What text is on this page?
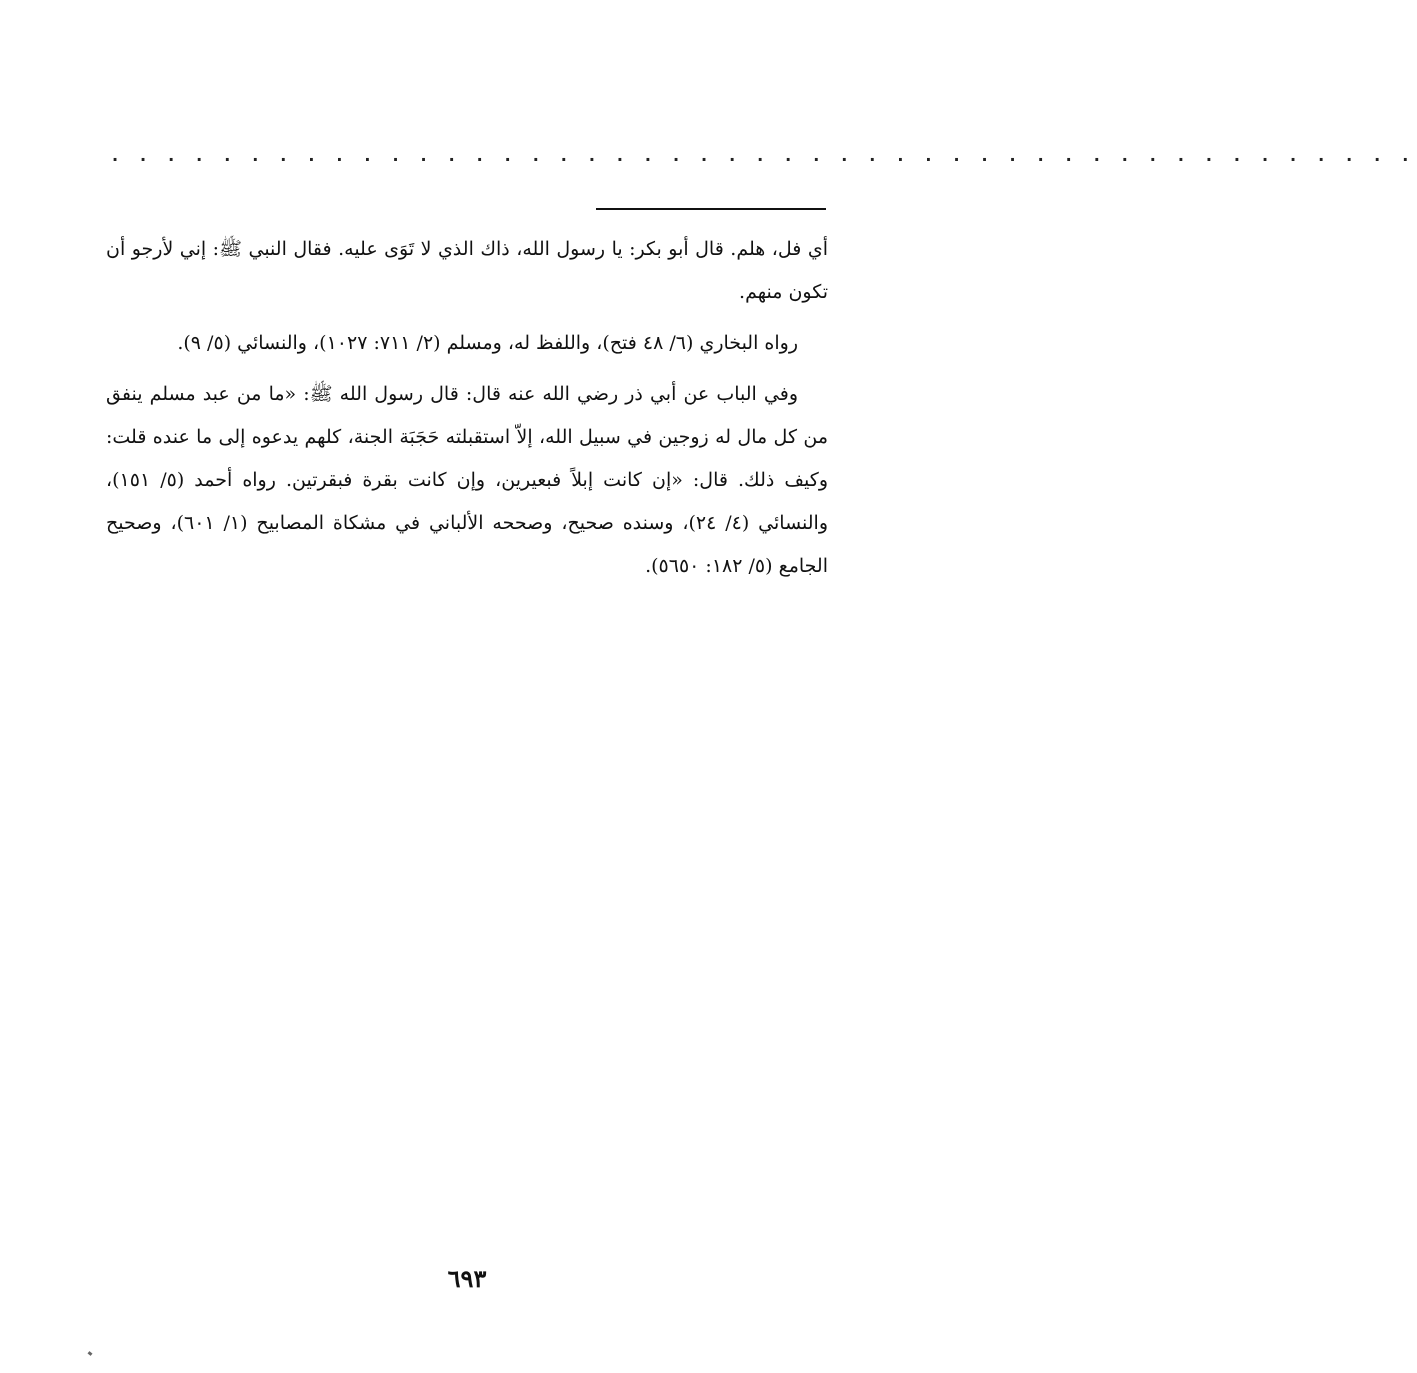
. . . . . . . . . . . . . . . . . . . . . . . . . . . . . . . . . . . . . . . . . . . . . . .

أي فل، هلم. قال أبو بكر: يا رسول الله، ذاك الذي لا تَوَى عليه. فقال النبي ﷺ: إني لأرجو أن تكون منهم.

رواه البخاري (٦/ ٤٨ فتح)، واللفظ له، ومسلم (٢/ ٧١١: ١٠٢٧)، والنسائي (٥/ ٩).

وفي الباب عن أبي ذر رضي الله عنه قال: قال رسول الله ﷺ: «ما من عبد مسلم ينفق من كل مال له زوجين في سبيل الله، إلاّ استقبلته حَجَبَة الجنة، كلهم يدعوه إلى ما عنده قلت: وكيف ذلك. قال: «إن كانت إبلاً فبعيرين، وإن كانت بقرة فبقرتين. رواه أحمد (٥/ ١٥١)، والنسائي (٤/ ٢٤)، وسنده صحيح، وصححه الألباني في مشكاة المصابيح (١/ ٦٠١)، وصحيح الجامع (٥/ ١٨٢: ٥٦٥٠).

٦٩٣
